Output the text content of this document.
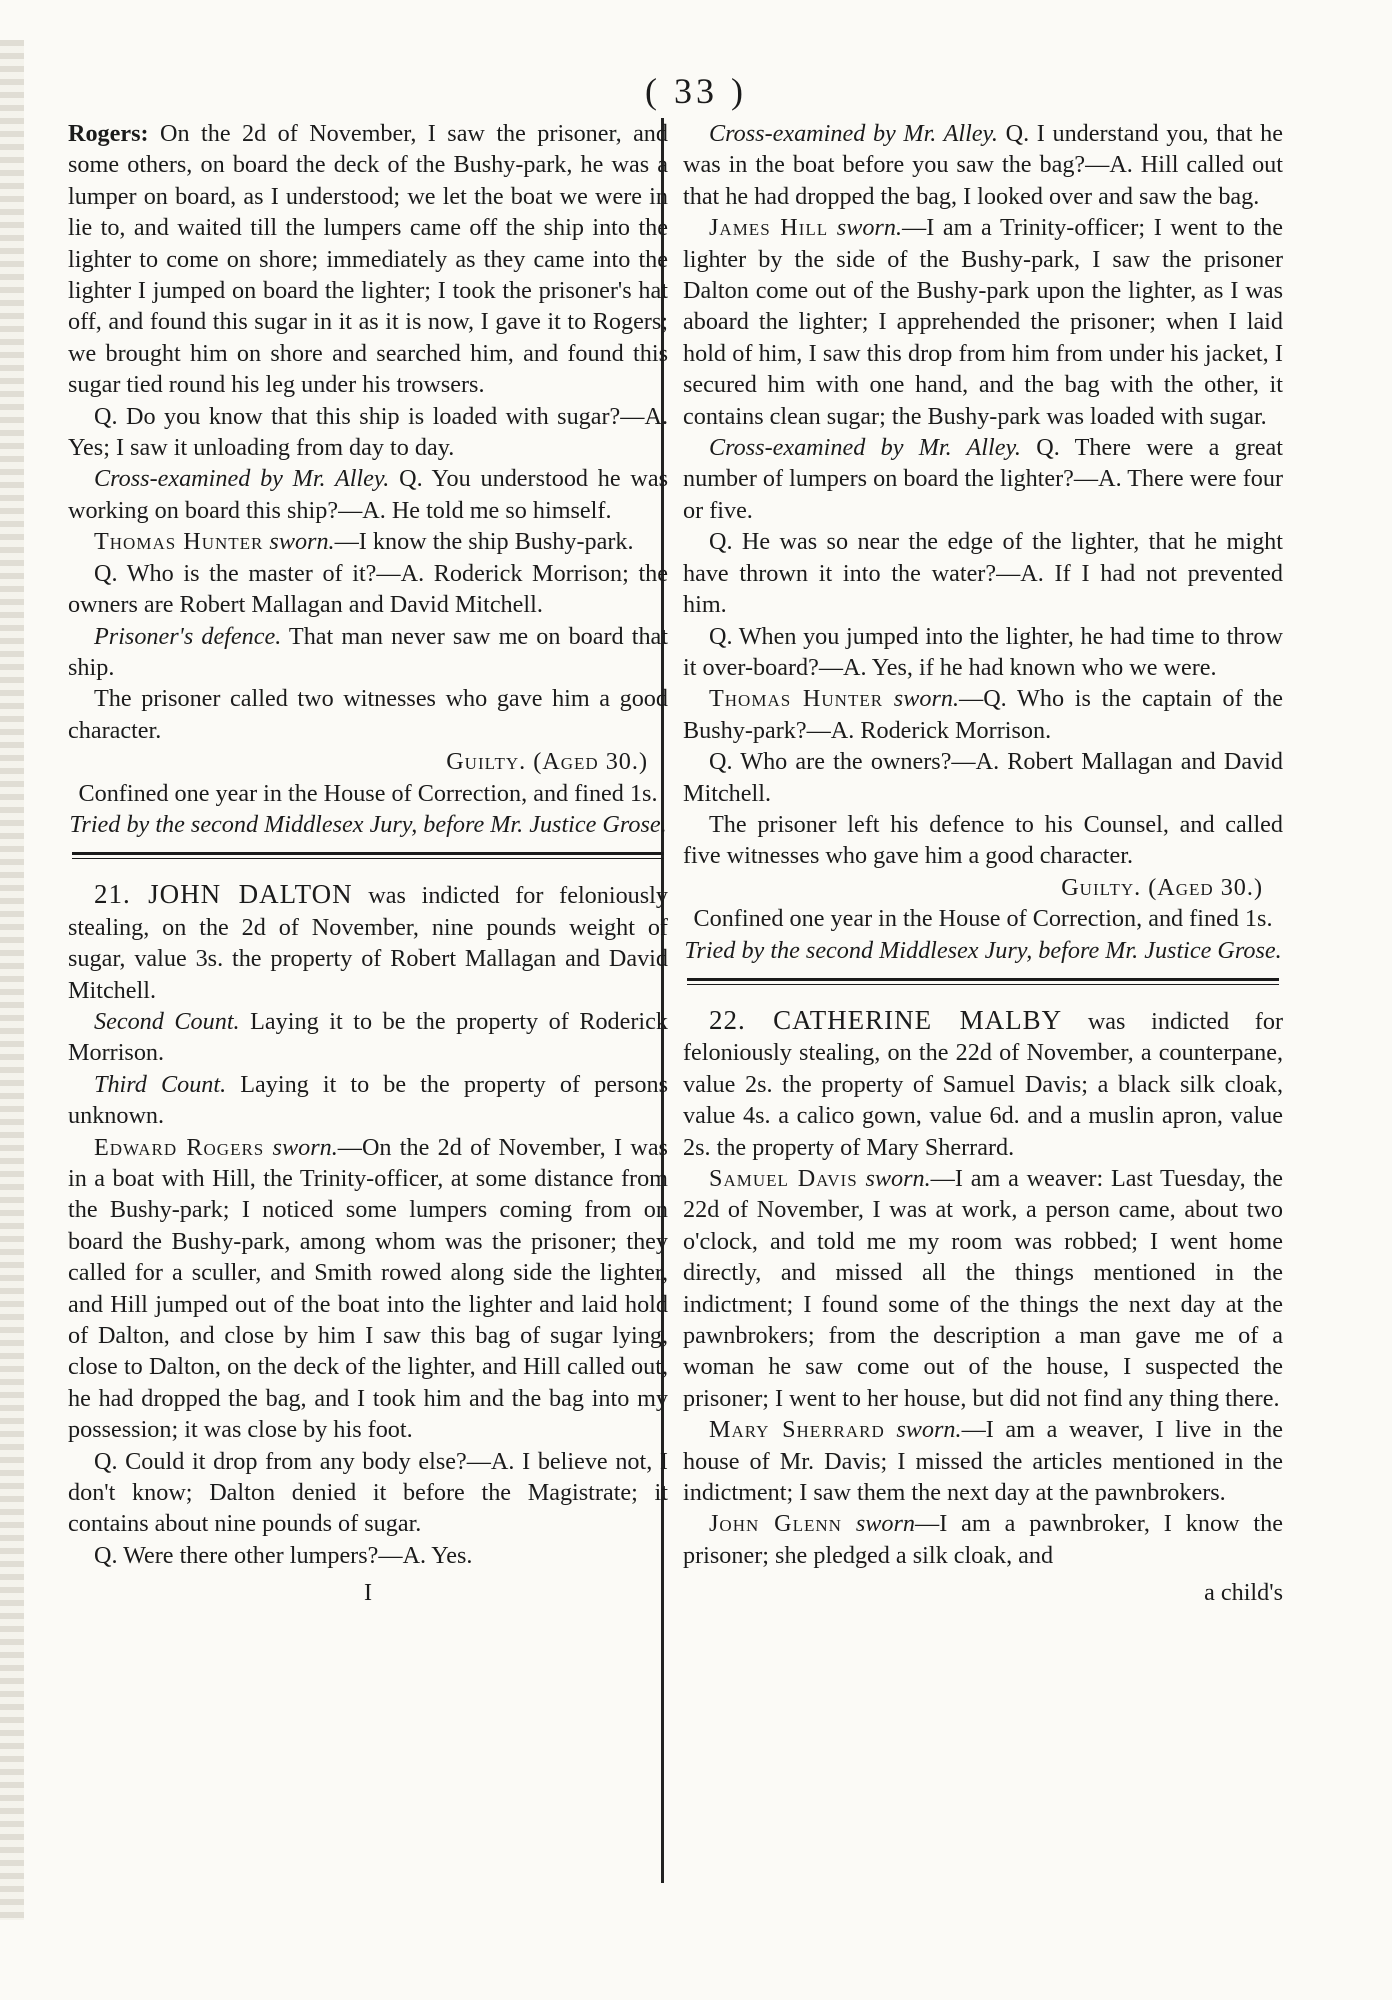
( 33 )

Rogers: On the 2d of November, I saw the prisoner, and some others, on board the deck of the Bushy-park, he was a lumper on board, as I understood; we let the boat we were in lie to, and waited till the lumpers came off the ship into the lighter to come on shore; immediately as they came into the lighter I jumped on board the lighter; I took the prisoner's hat off, and found this sugar in it as it is now, I gave it to Rogers; we brought him on shore and searched him, and found this sugar tied round his leg under his trowsers.

Q. Do you know that this ship is loaded with sugar?—A. Yes; I saw it unloading from day to day.

Cross-examined by Mr. Alley. Q. You understood he was working on board this ship?—A. He told me so himself.

Thomas Hunter sworn.—I know the ship Bushy-park.

Q. Who is the master of it?—A. Roderick Morrison; the owners are Robert Mallagan and David Mitchell.

Prisoner's defence. That man never saw me on board that ship.

The prisoner called two witnesses who gave him a good character.

Guilty. (Aged 30.)

Confined one year in the House of Correction, and fined 1s.

Tried by the second Middlesex Jury, before Mr. Justice Grose.

21. JOHN DALTON was indicted for feloniously stealing, on the 2d of November, nine pounds weight of sugar, value 3s. the property of Robert Mallagan and David Mitchell.

Second Count. Laying it to be the property of Roderick Morrison.

Third Count. Laying it to be the property of persons unknown.

Edward Rogers sworn.—On the 2d of November, I was in a boat with Hill, the Trinity-officer, at some distance from the Bushy-park; I noticed some lumpers coming from on board the Bushy-park, among whom was the prisoner; they called for a sculler, and Smith rowed along side the lighter, and Hill jumped out of the boat into the lighter and laid hold of Dalton, and close by him I saw this bag of sugar lying, close to Dalton, on the deck of the lighter, and Hill called out, he had dropped the bag, and I took him and the bag into my possession; it was close by his foot.

Q. Could it drop from any body else?—A. I believe not, I don't know; Dalton denied it before the Magistrate; it contains about nine pounds of sugar.

Q. Were there other lumpers?—A. Yes.

I

Cross-examined by Mr. Alley. Q. I understand you, that he was in the boat before you saw the bag?—A. Hill called out that he had dropped the bag, I looked over and saw the bag.

James Hill sworn.—I am a Trinity-officer; I went to the lighter by the side of the Bushy-park, I saw the prisoner Dalton come out of the Bushy-park upon the lighter, as I was aboard the lighter; I apprehended the prisoner; when I laid hold of him, I saw this drop from him from under his jacket, I secured him with one hand, and the bag with the other, it contains clean sugar; the Bushy-park was loaded with sugar.

Cross-examined by Mr. Alley. Q. There were a great number of lumpers on board the lighter?—A. There were four or five.

Q. He was so near the edge of the lighter, that he might have thrown it into the water?—A. If I had not prevented him.

Q. When you jumped into the lighter, he had time to throw it over-board?—A. Yes, if he had known who we were.

Thomas Hunter sworn.—Q. Who is the captain of the Bushy-park?—A. Roderick Morrison.

Q. Who are the owners?—A. Robert Mallagan and David Mitchell.

The prisoner left his defence to his Counsel, and called five witnesses who gave him a good character.

Guilty. (Aged 30.)

Confined one year in the House of Correction, and fined 1s.

Tried by the second Middlesex Jury, before Mr. Justice Grose.

22. CATHERINE MALBY was indicted for feloniously stealing, on the 22d of November, a counterpane, value 2s. the property of Samuel Davis; a black silk cloak, value 4s. a calico gown, value 6d. and a muslin apron, value 2s. the property of Mary Sherrard.

Samuel Davis sworn.—I am a weaver: Last Tuesday, the 22d of November, I was at work, a person came, about two o'clock, and told me my room was robbed; I went home directly, and missed all the things mentioned in the indictment; I found some of the things the next day at the pawnbrokers; from the description a man gave me of a woman he saw come out of the house, I suspected the prisoner; I went to her house, but did not find any thing there.

Mary Sherrard sworn.—I am a weaver, I live in the house of Mr. Davis; I missed the articles mentioned in the indictment; I saw them the next day at the pawnbrokers.

John Glenn sworn—I am a pawnbroker, I know the prisoner; she pledged a silk cloak, and

a child's
